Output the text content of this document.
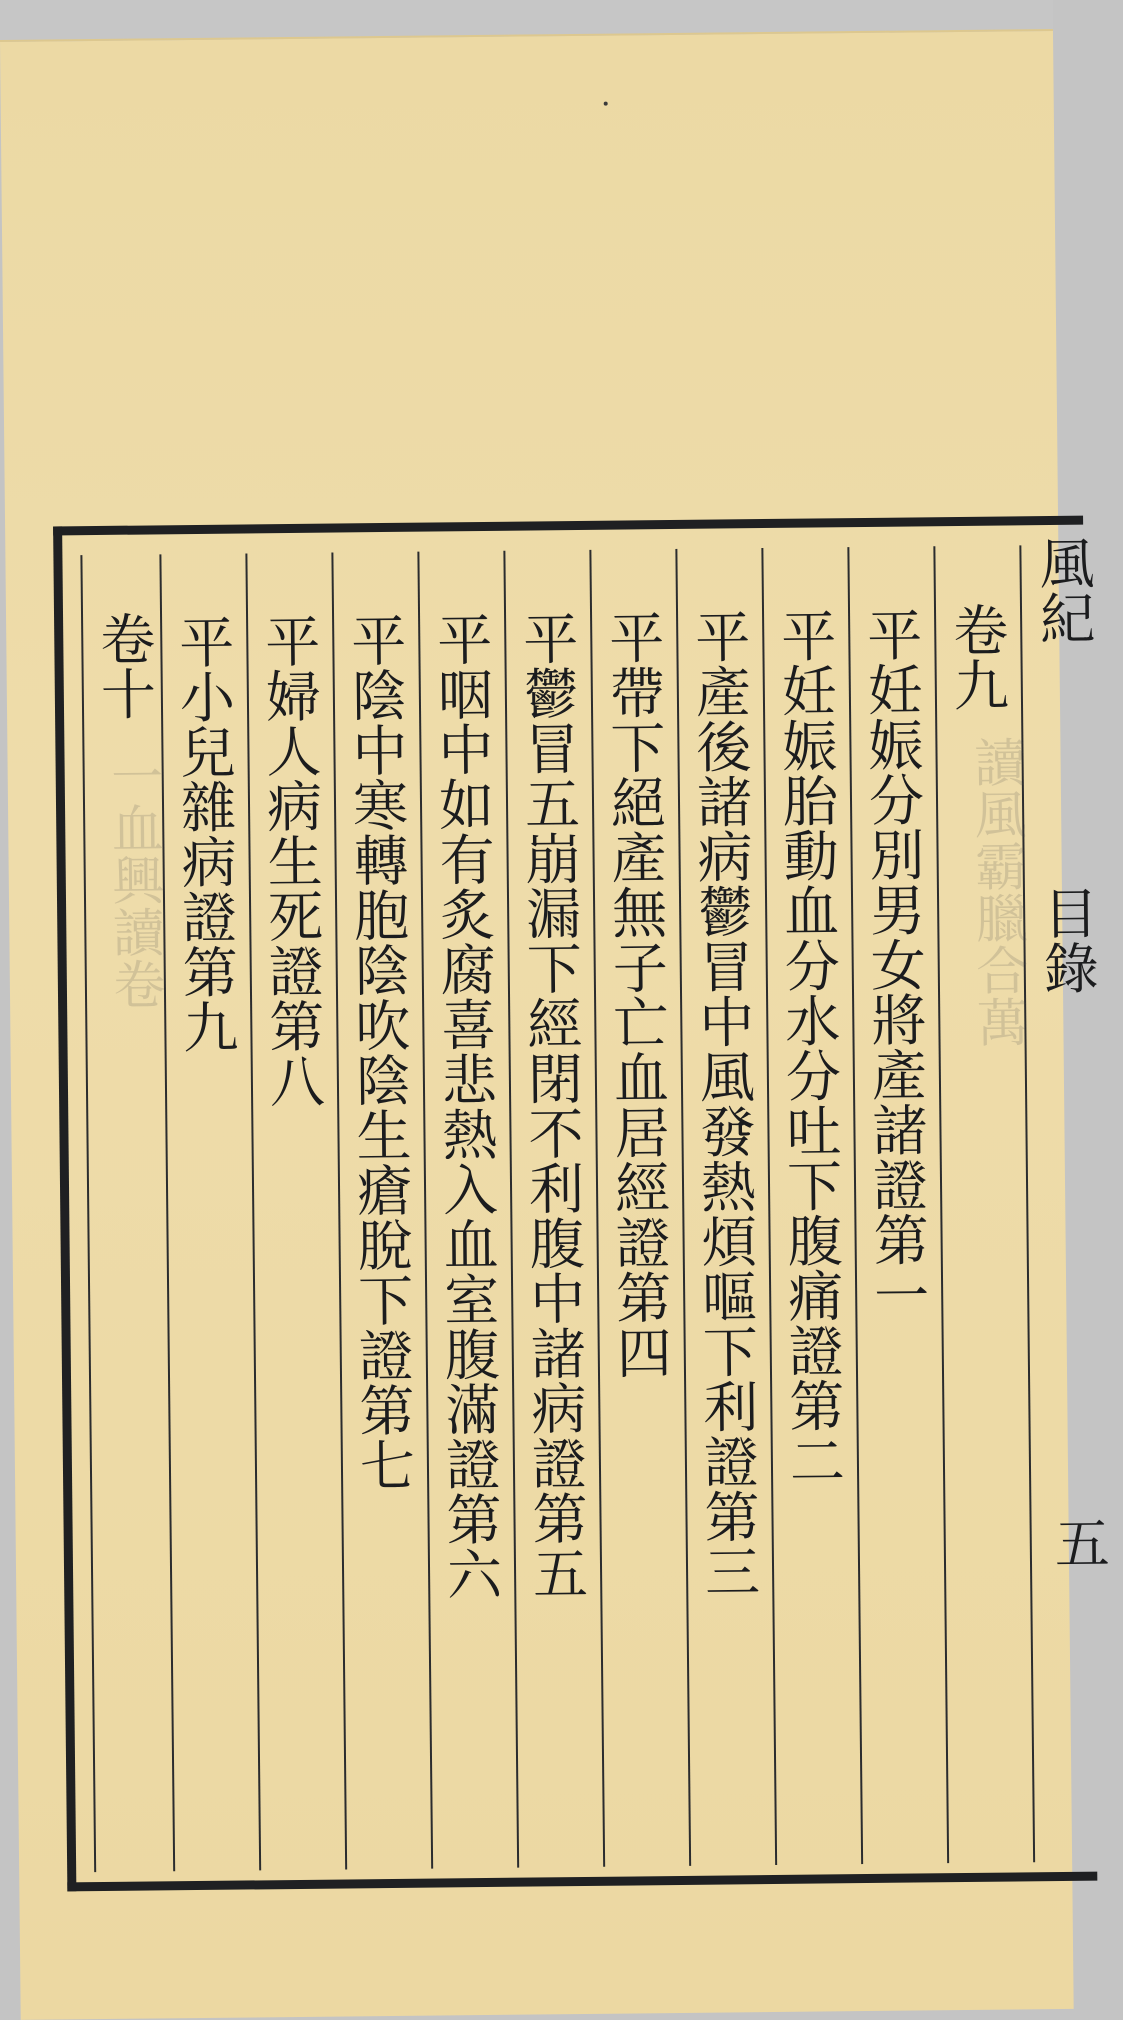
一血興讀卷	讀風霸臘合萬
平妊娠分別男女將產諸證第一
平妊娠胎動血分水分吐下腹痛證第二
平產後諸病鬱冒中風發熱煩嘔下利證第三
平帶下絕產無子亡血居經證第四
平鬱冒五崩漏下經閉不利腹中諸病證第五
平咽中如有炙腐喜悲熱入血室腹滿證第六
平陰中寒轉胞陰吹陰生瘡脫下證第七
平婦人病生死證第八
平小兒雜病證第九
卷十	卷九
風紀
目錄
五
